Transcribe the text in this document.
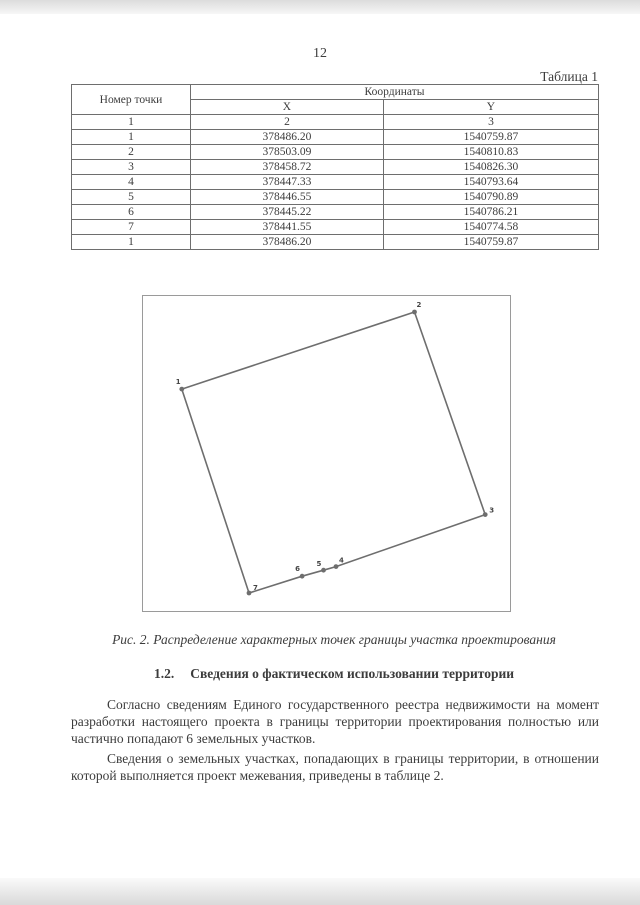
12
Таблица 1
Номер точки	Координаты	
	X	Y
1	2	3
1	378486.20	1540759.87
2	378503.09	1540810.83
3	378458.72	1540826.30
4	378447.33	1540793.64
5	378446.55	1540790.89
6	378445.22	1540786.21
7	378441.55	1540774.58
1	378486.20	1540759.87
1
2
3
4
5
6
7
Рис. 2. Распределение характерных точек границы участка проектирования
1.2. Сведения о фактическом использовании территории

Согласно сведениям Единого государственного реестра недвижимости на момент разработки настоящего проекта в границы территории проектирования полностью или частично попадают 6 земельных участков.

Сведения о земельных участках, попадающих в границы территории, в отношении которой выполняется проект межевания, приведены в таблице 2.
